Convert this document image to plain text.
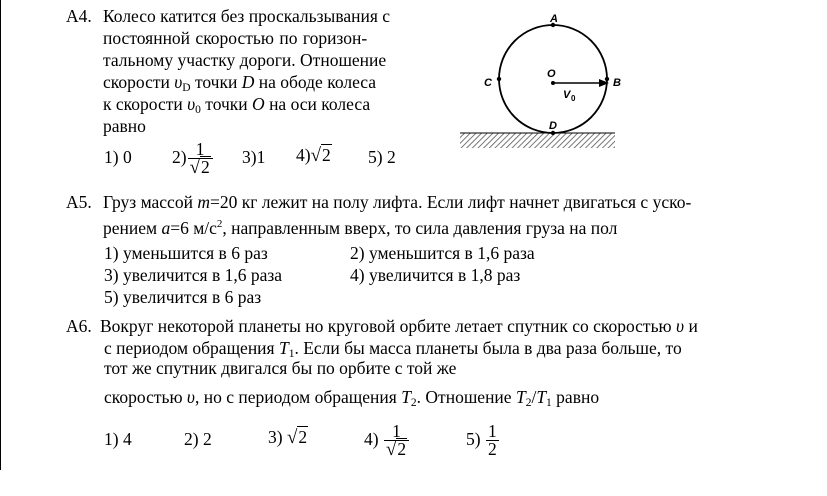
A4. Колесо катится без проскальзывания с
постоянной скоростью по горизон-
тальному участку дороги. Отношение
скорости $\upsilon_D$ точки D на ободе колеса
к скорости $\upsilon_0$ точки O на оси колеса
равно
1) 0 $2) \frac{1}{√2} 3)1$ 4)√2 5) 2
A
B
C
D
O
V 0
A5. Груз массой m=20 кг лежит на полу лифта. Если лифт начнет двигаться с уско-
рением a=6 $м/с^2$, направленным вверх, то сила давления груза на пол
1) уменьшится в 6 раз	2) уменьшится в 1,6 раза
3) увеличится в 1,6 раза	4) увеличится в 1,8 раз
5) увеличится в 6 раз
A6. Вокруг некоторой планеты но круговой орбите летает спутник со скоростью υ и
с периодом обращения $T_1$. Если бы масса планеты была в два раза больше, то
тот же спутник двигался бы по орбите с той же
скоростью υ, но с периодом обращения $T_2$. Отношение $T_2/T_1$ равно
1) 4	2) 2	3) √2	$4) \frac{1}{√2}$	$5) \frac{1}{2}$
